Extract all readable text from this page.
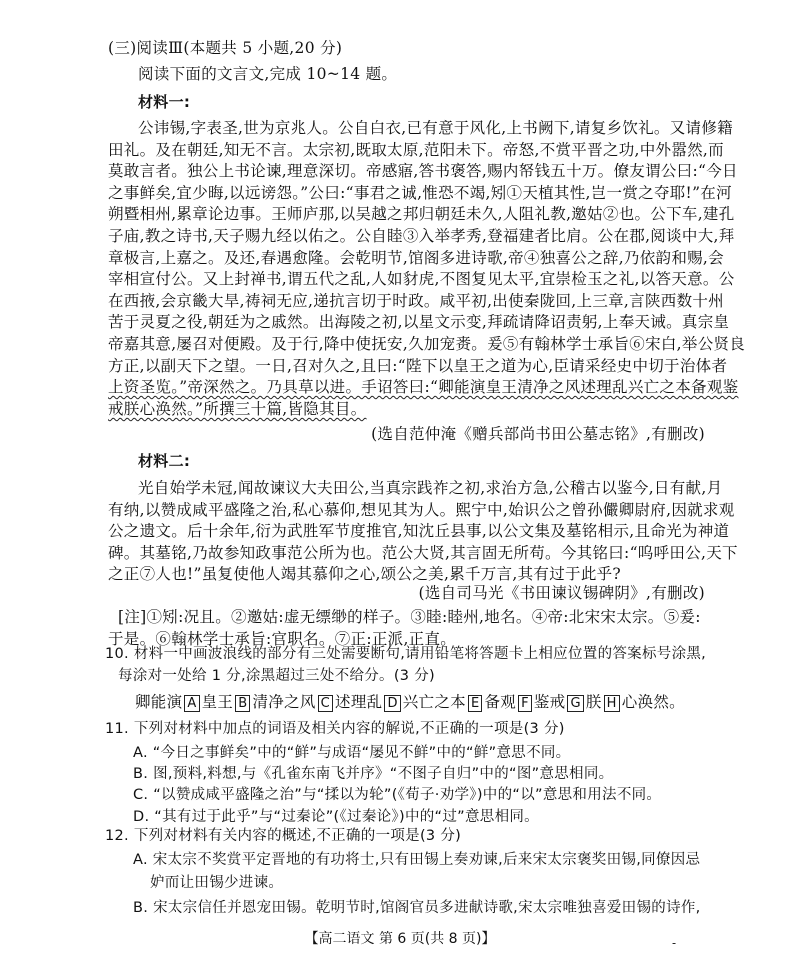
(三)阅读Ⅲ(本题共 5 小题,20 分)
阅读下面的文言文,完成 10~14 题。
材料一:
公讳锡,字表圣,世为京兆人。公自白衣,已有意于风化,上书阙下,请复乡饮礼。又请修籍
田礼。及在朝廷,知无不言。太宗初,既取太原,范阳未下。帝怒,不赏平晋之功,中外嚣然,而
莫敢言者。独公上书论谏,理意深切。帝感寤,答书褒答,赐内帑钱五十万。僚友谓公曰:“今日
之事鲜矣,宜少晦,以远谤怨。”公曰:“事君之诚,惟恐不竭,矧①天植其性,岂一赏之夺耶!”在河
朔暨相州,累章论边事。王师庐那,以吴越之邦归朝廷未久,人阻礼教,邀姑②也。公下车,建孔
子庙,教之诗书,天子赐九经以佑之。公自睦③入举孝秀,登福建者比肩。公在郡,阅谈中大,拜
章极言,上嘉之。及还,春遇愈隆。会乾明节,馆阁多进诗歌,帝④独喜公之辞,乃依韵和赐,会
宰相宣付公。又上封禅书,谓五代之乱,人如豺虎,不图复见太平,宜崇检玉之礼,以答天意。公
在西掖,会京畿大旱,祷祠无应,递抗言切于时政。咸平初,出使秦陇回,上三章,言陕西数十州
苦于灵夏之役,朝廷为之戚然。出海陵之初,以星文示变,拜疏请降诏责躬,上奉天诫。真宗皇
帝嘉其意,屡召对便殿。及于行,降中使抚安,久加宠赉。爰⑤有翰林学士承旨⑥宋白,举公贤良
方正,以副天下之望。一日,召对久之,且曰:“陛下以皇王之道为心,臣请采经史中切于治体者
上资圣览。”帝深然之。乃具草以进。手诏答曰:“卿能演皇王清净之风述理乱兴亡之本备观鉴
戒朕心涣然。”所撰三十篇,皆隐其目。
(选自范仲淹《赠兵部尚书田公墓志铭》,有删改)
材料二:
光自始学未冠,闻故谏议大夫田公,当真宗践祚之初,求治方急,公稽古以鉴今,日有献,月
有纳,以赞成咸平盛隆之治,私心慕仰,想见其为人。熙宁中,始识公之曾孙儼卿尉府,因就求观
公之遗文。后十余年,衍为武胜军节度推官,知沈丘县事,以公文集及墓铭相示,且命光为神道
碑。其墓铭,乃故参知政事范公所为也。范公大贤,其言固无所苟。今其铭曰:“呜呼田公,天下
之正⑦人也!”虽复使他人竭其慕仰之心,颂公之美,累千万言,其有过于此乎?
(选自司马光《书田谏议锡碑阴》,有删改)
[注]①矧:况且。②邀姑:虚无缥缈的样子。③睦:睦州,地名。④帝:北宋宋太宗。⑤爰:
于是。⑥翰林学士承旨:官职名。⑦正:正派,正直。
10. 材料一中画波浪线的部分有三处需要断句,请用铅笔将答题卡上相应位置的答案标号涂黑,
每涂对一处给 1 分,涂黑超过三处不给分。(3 分)
卿能演 A 皇王 B 清净之风 C 述理乱 D 兴亡之本 E 备观 F 鉴戒 G 朕 H 心涣然。
11. 下列对材料中加点的词语及相关内容的解说,不正确的一项是(3 分)
A. “今日之事鲜矣”中的“鲜”与成语“屡见不鲜”中的“鲜”意思不同。
B. 图,预料,料想,与《孔雀东南飞并序》“不图子自归”中的“图”意思相同。
C. “以赞成咸平盛隆之治”与“揉以为轮”(《荀子·劝学》)中的“以”意思和用法不同。
D. “其有过于此乎”与“过秦论”(《过秦论》)中的“过”意思相同。
12. 下列对材料有关内容的概述,不正确的一项是(3 分)
A. 宋太宗不奖赏平定晋地的有功将士,只有田锡上奏劝谏,后来宋太宗褒奖田锡,同僚因忌
妒而让田锡少进谏。
B. 宋太宗信任并恩宠田锡。乾明节时,馆阁官员多进献诗歌,宋太宗唯独喜爱田锡的诗作,
【高二语文 第 6 页(共 8 页)】	-
